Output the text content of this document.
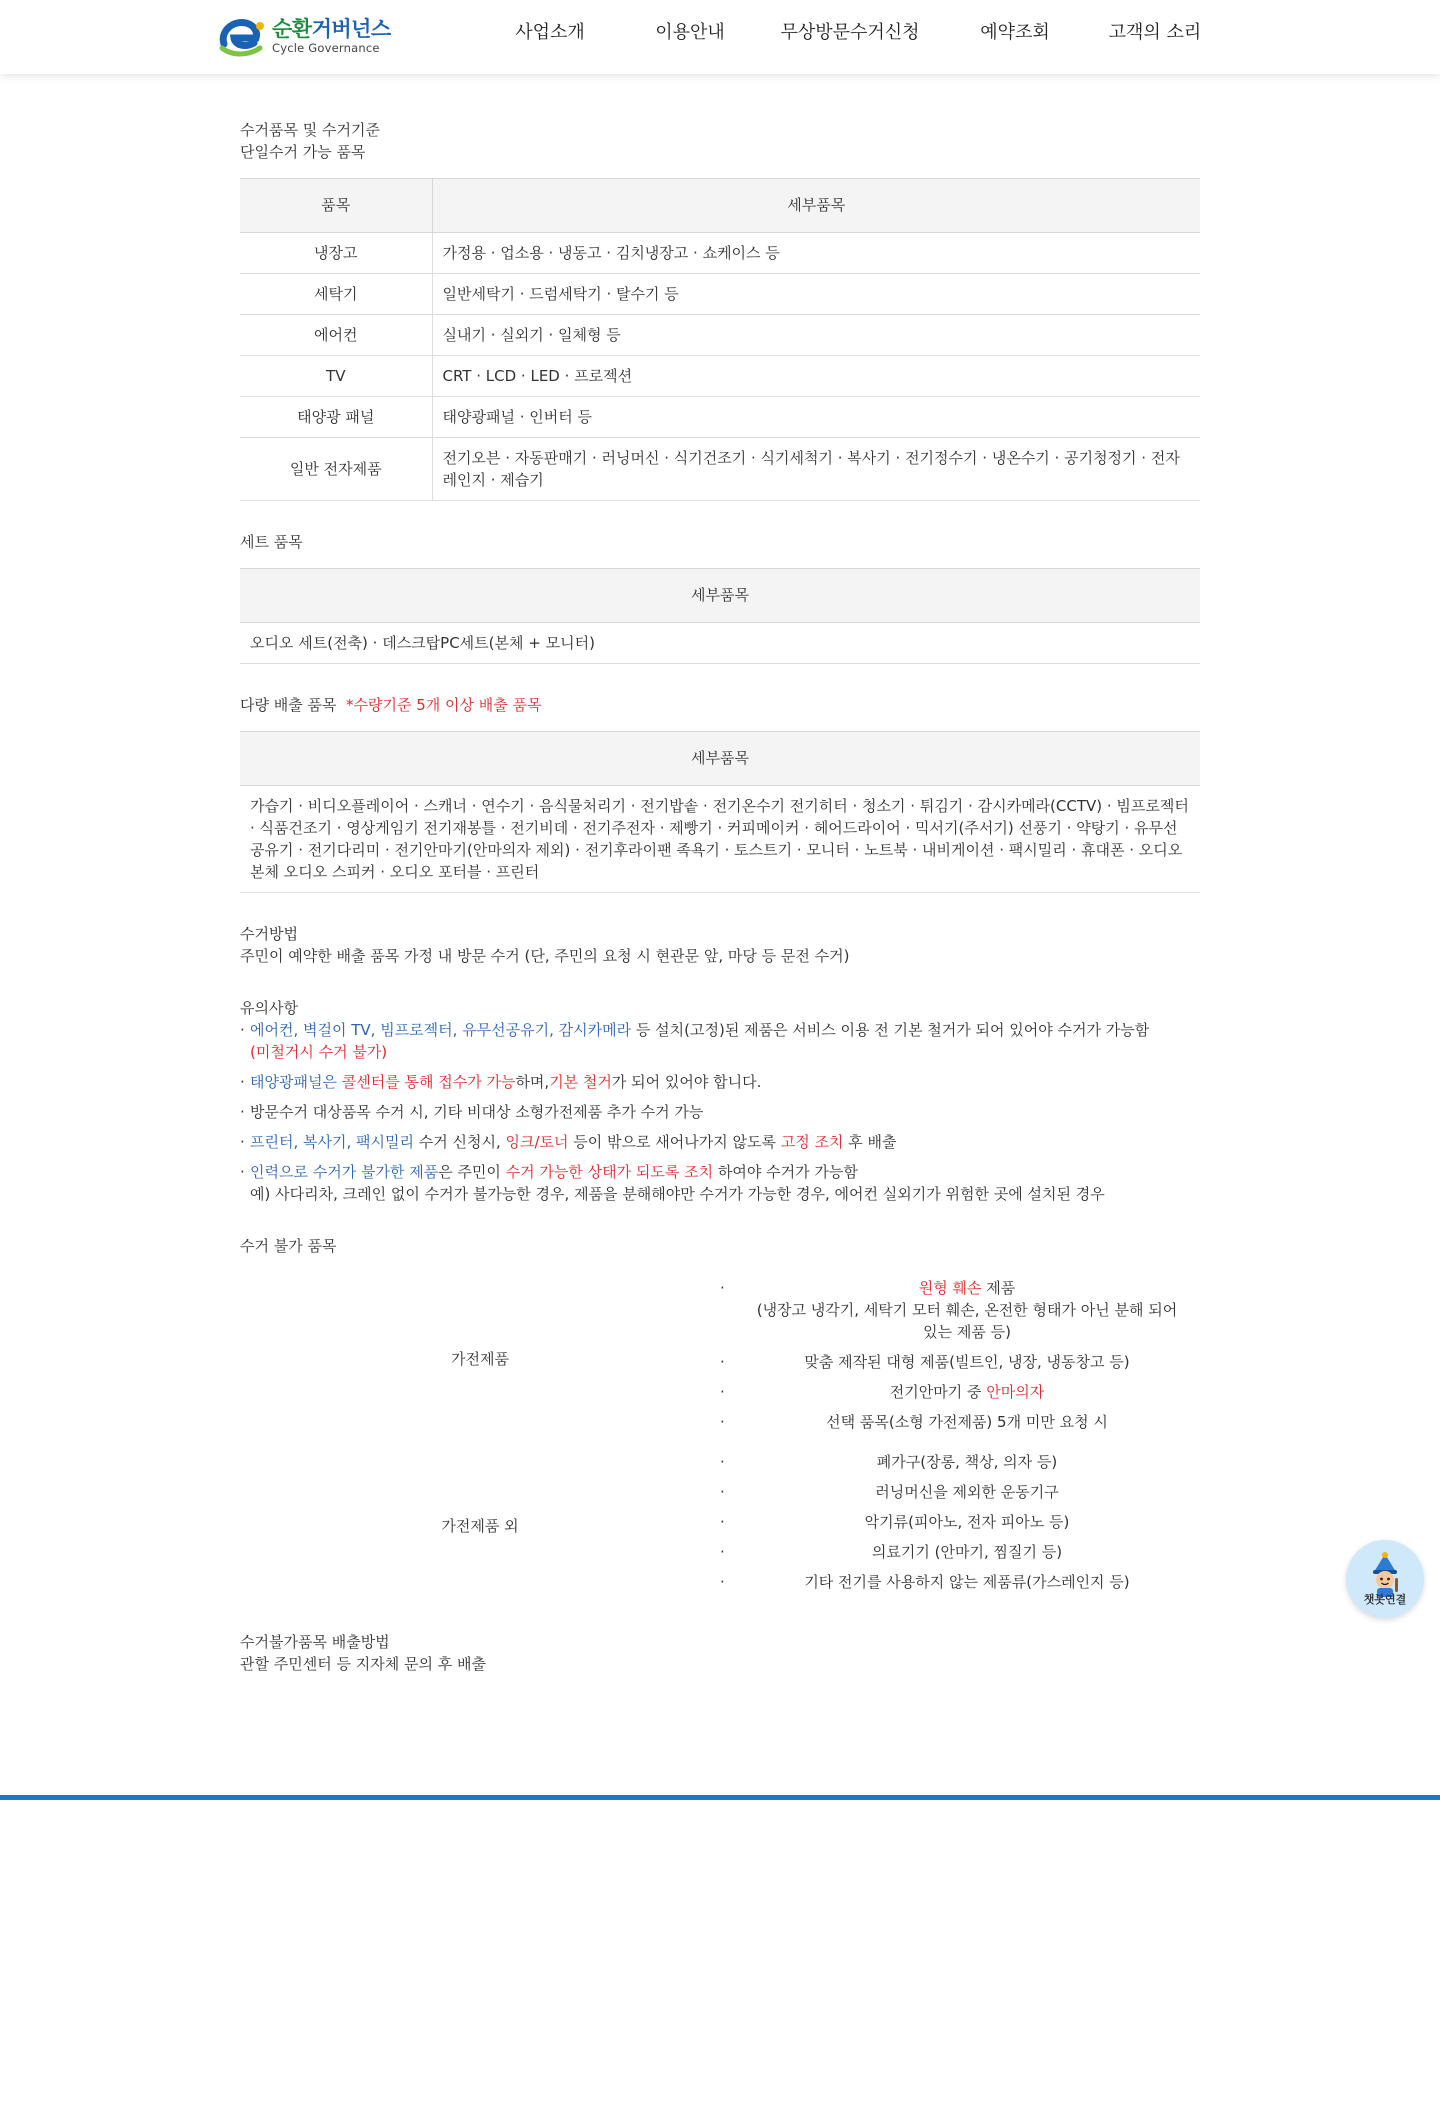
순환거버넌스
Cycle Governance
사업소개	이용안내	무상방문수거신청	예약조회	고객의 소리
수거품목 및 수거기준
단일수거 가능 품목
품목	세부품목
냉장고	가정용 · 업소용 · 냉동고 · 김치냉장고 · 쇼케이스 등
세탁기	일반세탁기 · 드럼세탁기 · 탈수기 등
에어컨	실내기 · 실외기 · 일체형 등
TV	CRT · LCD · LED · 프로젝션
태양광 패널	태양광패널 · 인버터 등
일반 전자제품	전기오븐 · 자동판매기 · 러닝머신 · 식기건조기 · 식기세척기 · 복사기 · 전기정수기 · 냉온수기 · 공기청정기 · 전자레인지 · 제습기
세트 품목
세부품목
오디오 세트(전축) · 데스크탑PC세트(본체 + 모니터)
다량 배출 품목 *수량기준 5개 이상 배출 품목
세부품목
가습기 · 비디오플레이어 · 스캐너 · 연수기 · 음식물처리기 · 전기밥솥 · 전기온수기 전기히터 · 청소기 · 튀김기 · 감시카메라(CCTV) · 빔프로젝터 · 식품건조기 · 영상게임기 전기재봉틀 · 전기비데 · 전기주전자 · 제빵기 · 커피메이커 · 헤어드라이어 · 믹서기(주서기) 선풍기 · 약탕기 · 유무선공유기 · 전기다리미 · 전기안마기(안마의자 제외) · 전기후라이팬 족욕기 · 토스트기 · 모니터 · 노트북 · 내비게이션 · 팩시밀리 · 휴대폰 · 오디오 본체 오디오 스피커 · 오디오 포터블 · 프린터
수거방법
주민이 예약한 배출 품목 가정 내 방문 수거 (단, 주민의 요청 시 현관문 앞, 마당 등 문전 수거)
유의사항
· 에어컨, 벽걸이 TV, 빔프로젝터, 유무선공유기, 감시카메라 등 설치(고정)된 제품은 서비스 이용 전 기본 철거가 되어 있어야 수거가 가능함
(미철거시 수거 불가)
· 태양광패널은 콜센터를 통해 접수가 가능하며,기본 철거가 되어 있어야 합니다.
· 방문수거 대상품목 수거 시, 기타 비대상 소형가전제품 추가 수거 가능
· 프린터, 복사기, 팩시밀리 수거 신청시, 잉크/토너 등이 밖으로 새어나가지 않도록 고정 조치 후 배출
· 인력으로 수거가 불가한 제품은 주민이 수거 가능한 상태가 되도록 조치 하여야 수거가 가능함
예) 사다리차, 크레인 없이 수거가 불가능한 경우, 제품을 분해해야만 수거가 가능한 경우, 에어컨 실외기가 위험한 곳에 설치된 경우
수거 불가 품목
가전제품
· 원형 훼손 제품
(냉장고 냉각기, 세탁기 모터 훼손, 온전한 형태가 아닌 분해 되어 있는 제품 등)
· 맞춤 제작된 대형 제품(빌트인, 냉장, 냉동창고 등)
· 전기안마기 중 안마의자
· 선택 품목(소형 가전제품) 5개 미만 요청 시
가전제품 외
· 폐가구(장롱, 책상, 의자 등)
· 러닝머신을 제외한 운동기구
· 악기류(피아노, 전자 피아노 등)
· 의료기기 (안마기, 찜질기 등)
· 기타 전기를 사용하지 않는 제품류(가스레인지 등)
수거불가품목 배출방법
관할 주민센터 등 지자체 문의 후 배출
챗봇연결
